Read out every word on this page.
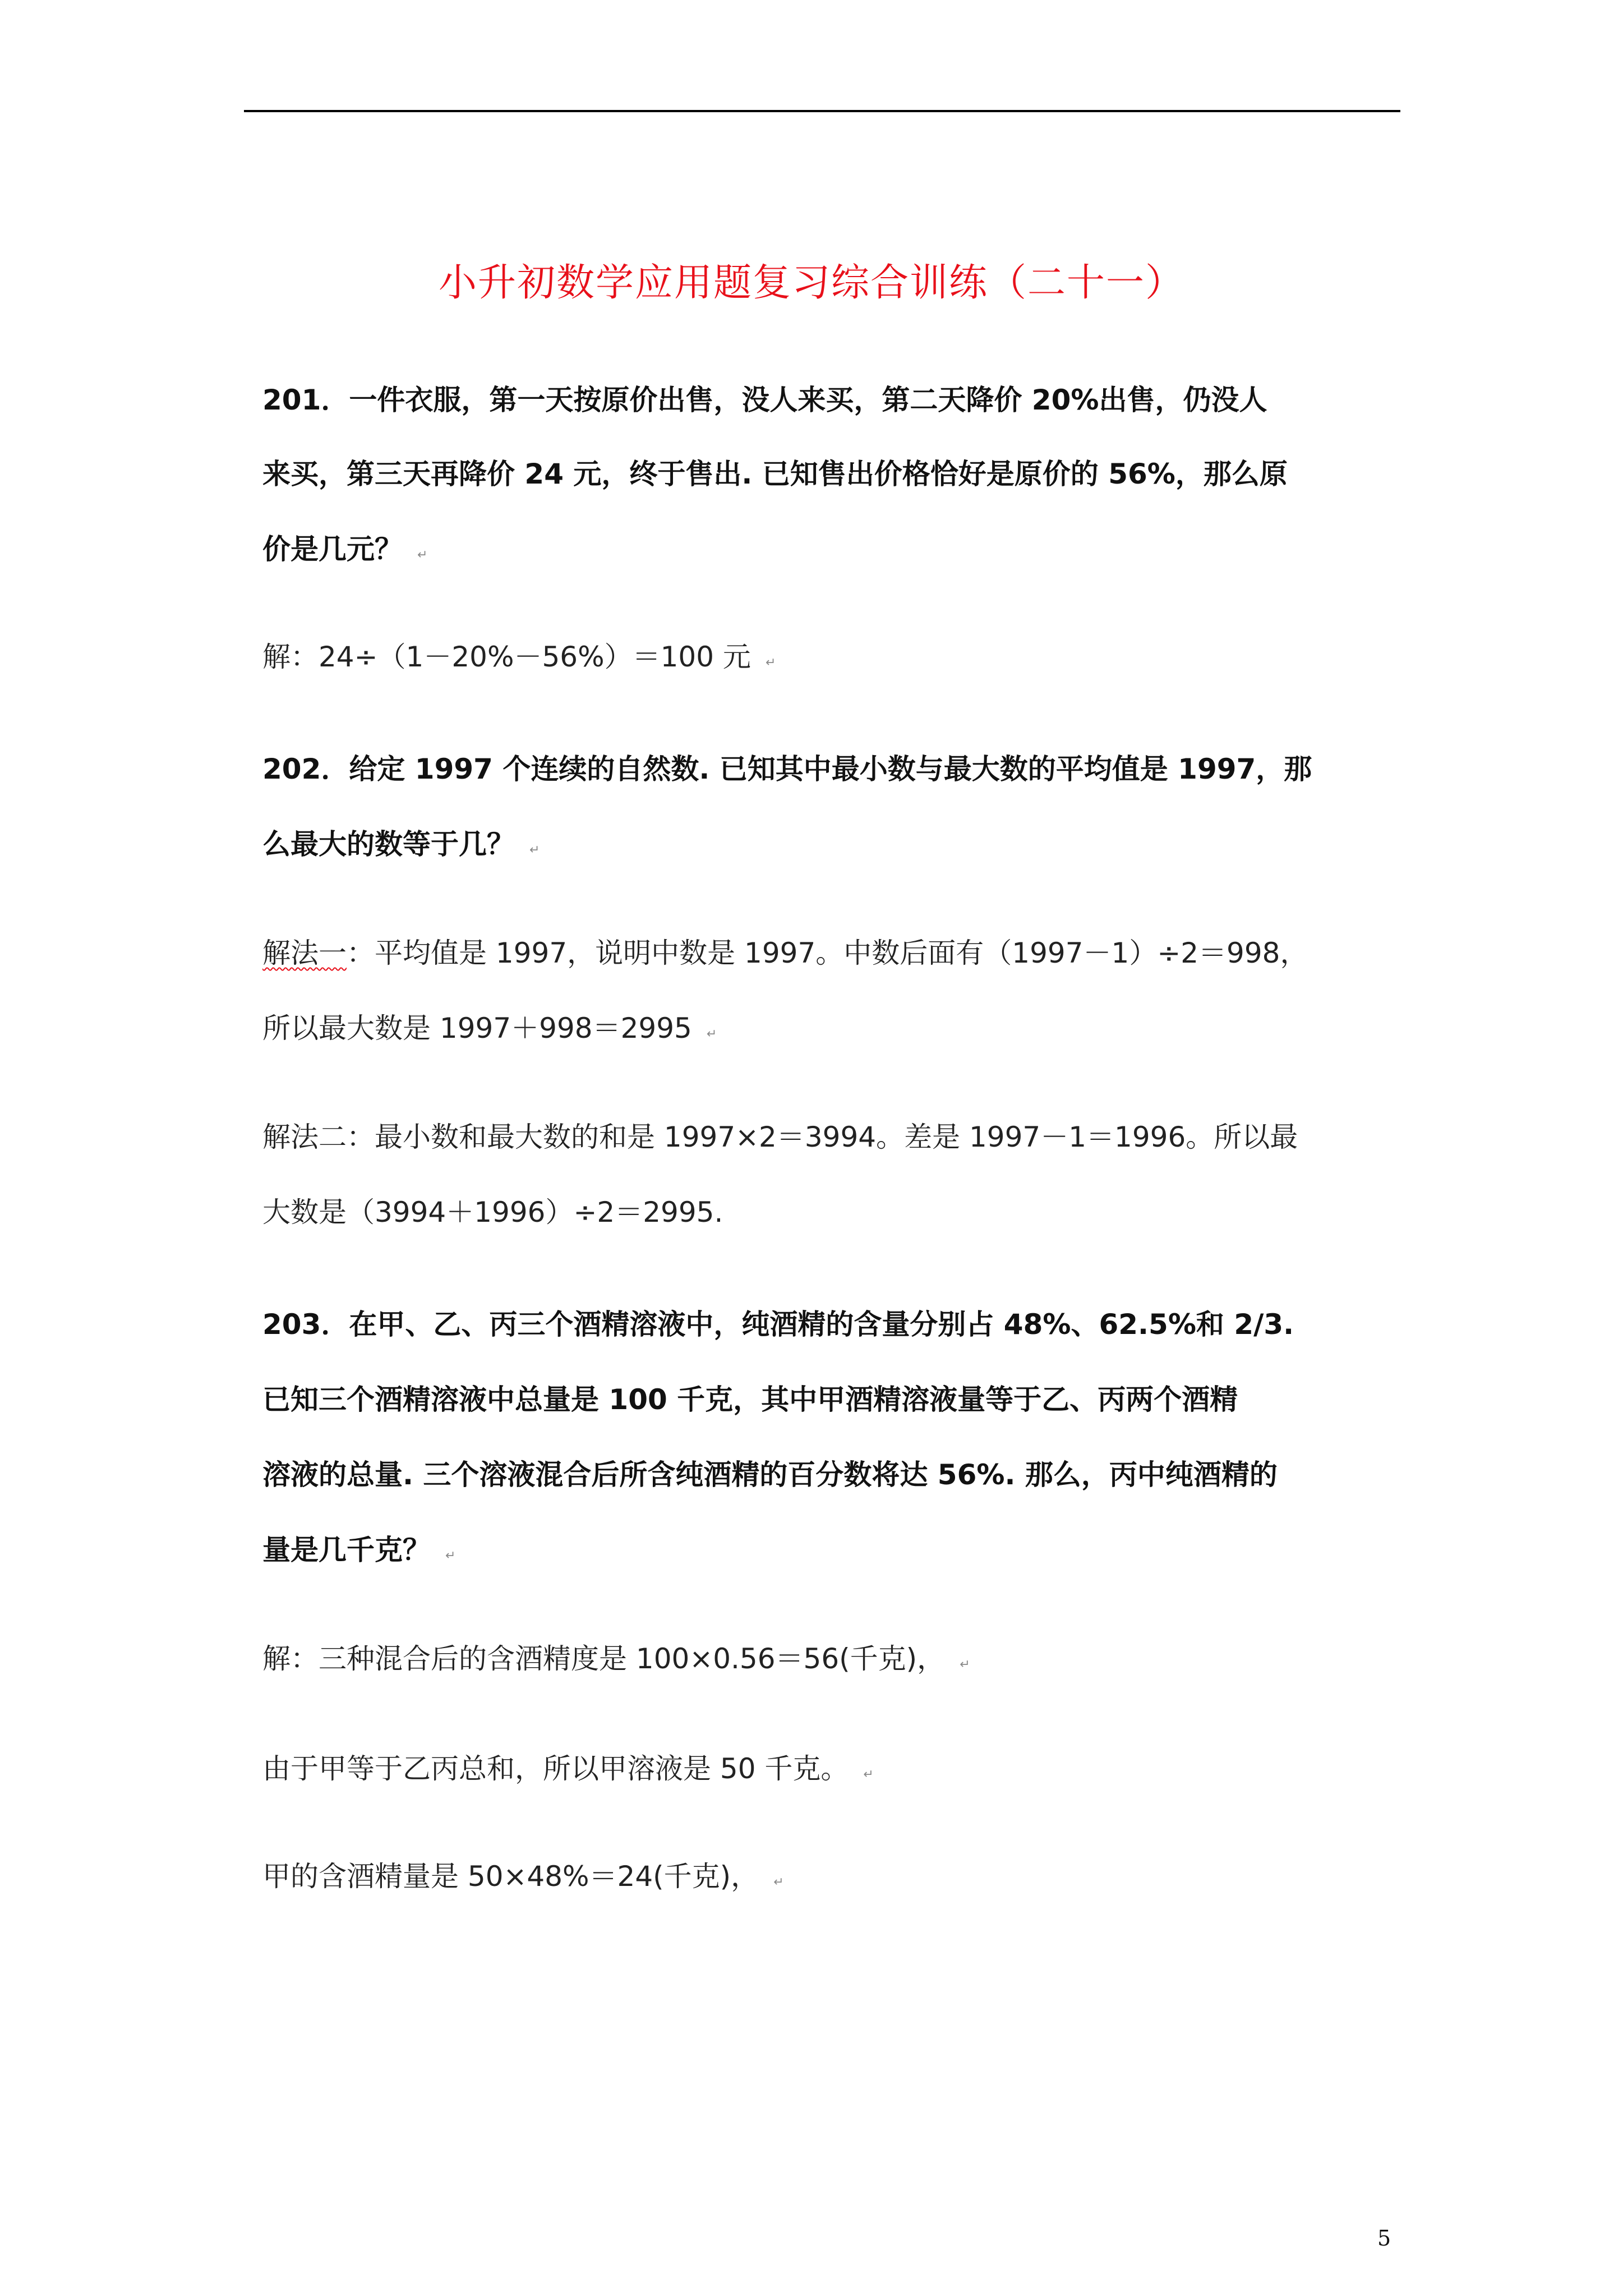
小升初数学应用题复习综合训练（二十一）
201．一件衣服，第一天按原价出售，没人来买，第二天降价 20%出售，仍没人
来买，第三天再降价 24 元，终于售出. 已知售出价格恰好是原价的 56%，那么原
价是几元？ ↵
解：24÷（1－20%－56%）＝100 元 ↵
202．给定 1997 个连续的自然数. 已知其中最小数与最大数的平均值是 1997，那
么最大的数等于几？ ↵
解法一：平均值是 1997，说明中数是 1997。中数后面有（1997－1）÷2＝998，
所以最大数是 1997＋998＝2995 ↵
解法二：最小数和最大数的和是 1997×2＝3994。差是 1997－1＝1996。所以最
大数是（3994＋1996）÷2＝2995.
203．在甲、乙、丙三个酒精溶液中，纯酒精的含量分别占 48%、62.5%和 2/3.
已知三个酒精溶液中总量是 100 千克，其中甲酒精溶液量等于乙、丙两个酒精
溶液的总量. 三个溶液混合后所含纯酒精的百分数将达 56%. 那么，丙中纯酒精的
量是几千克？ ↵
解：三种混合后的含酒精度是 100×0.56＝56(千克)， ↵
由于甲等于乙丙总和，所以甲溶液是 50 千克。 ↵
甲的含酒精量是 50×48%＝24(千克)， ↵
5
